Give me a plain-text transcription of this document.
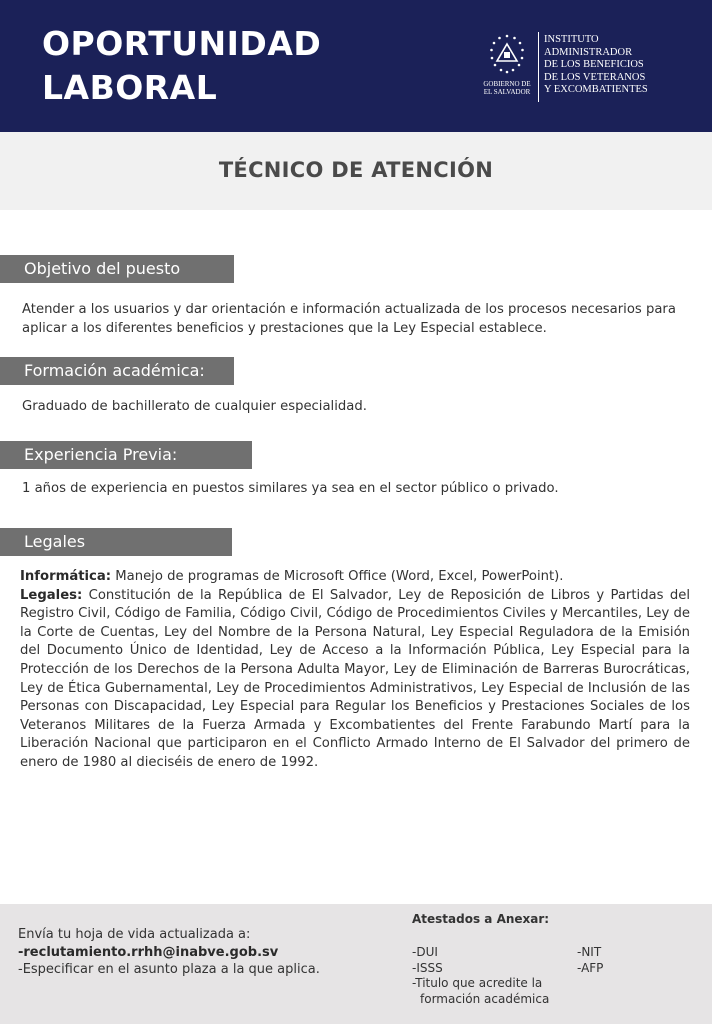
OPORTUNIDAD
LABORAL	GOBIERNO DE
EL SALVADOR
INSTITUTO
ADMINISTRADOR
DE LOS BENEFICIOS
DE LOS VETERANOS
Y EXCOMBATIENTES
TÉCNICO DE ATENCIÓN
Objetivo del puesto
Atender a los usuarios y dar orientación e información actualizada de los procesos necesarios para aplicar a los diferentes beneficios y prestaciones que la Ley Especial establece.
Formación académica:
Graduado de bachillerato de cualquier especialidad.
Experiencia Previa:
1 años de experiencia en puestos similares ya sea en el sector público o privado.
Legales
Informática: Manejo de programas de Microsoft Office (Word, Excel, PowerPoint).
Legales: Constitución de la República de El Salvador, Ley de Reposición de Libros y Partidas del Registro Civil, Código de Familia, Código Civil, Código de Procedimientos Civiles y Mercantiles, Ley de la Corte de Cuentas, Ley del Nombre de la Persona Natural, Ley Especial Reguladora de la Emisión del Documento Único de Identidad, Ley de Acceso a la Información Pública, Ley Especial para la Protección de los Derechos de la Persona Adulta Mayor, Ley de Eliminación de Barreras Burocráticas, Ley de Ética Gubernamental, Ley de Procedimientos Administrativos, Ley Especial de Inclusión de las Personas con Discapacidad, Ley Especial para Regular los Beneficios y Prestaciones Sociales de los Veteranos Militares de la Fuerza Armada y Excombatientes del Frente Farabundo Martí para la Liberación Nacional que participaron en el Conflicto Armado Interno de El Salvador del primero de enero de 1980 al dieciséis de enero de 1992.
Envía tu hoja de vida actualizada a:
-reclutamiento.rrhh@inabve.gob.sv
-Especificar en el asunto plaza a la que aplica.
Atestados a Anexar:
-DUI
-ISSS
-Titulo que acredite la
formación académica
-NIT
-AFP
